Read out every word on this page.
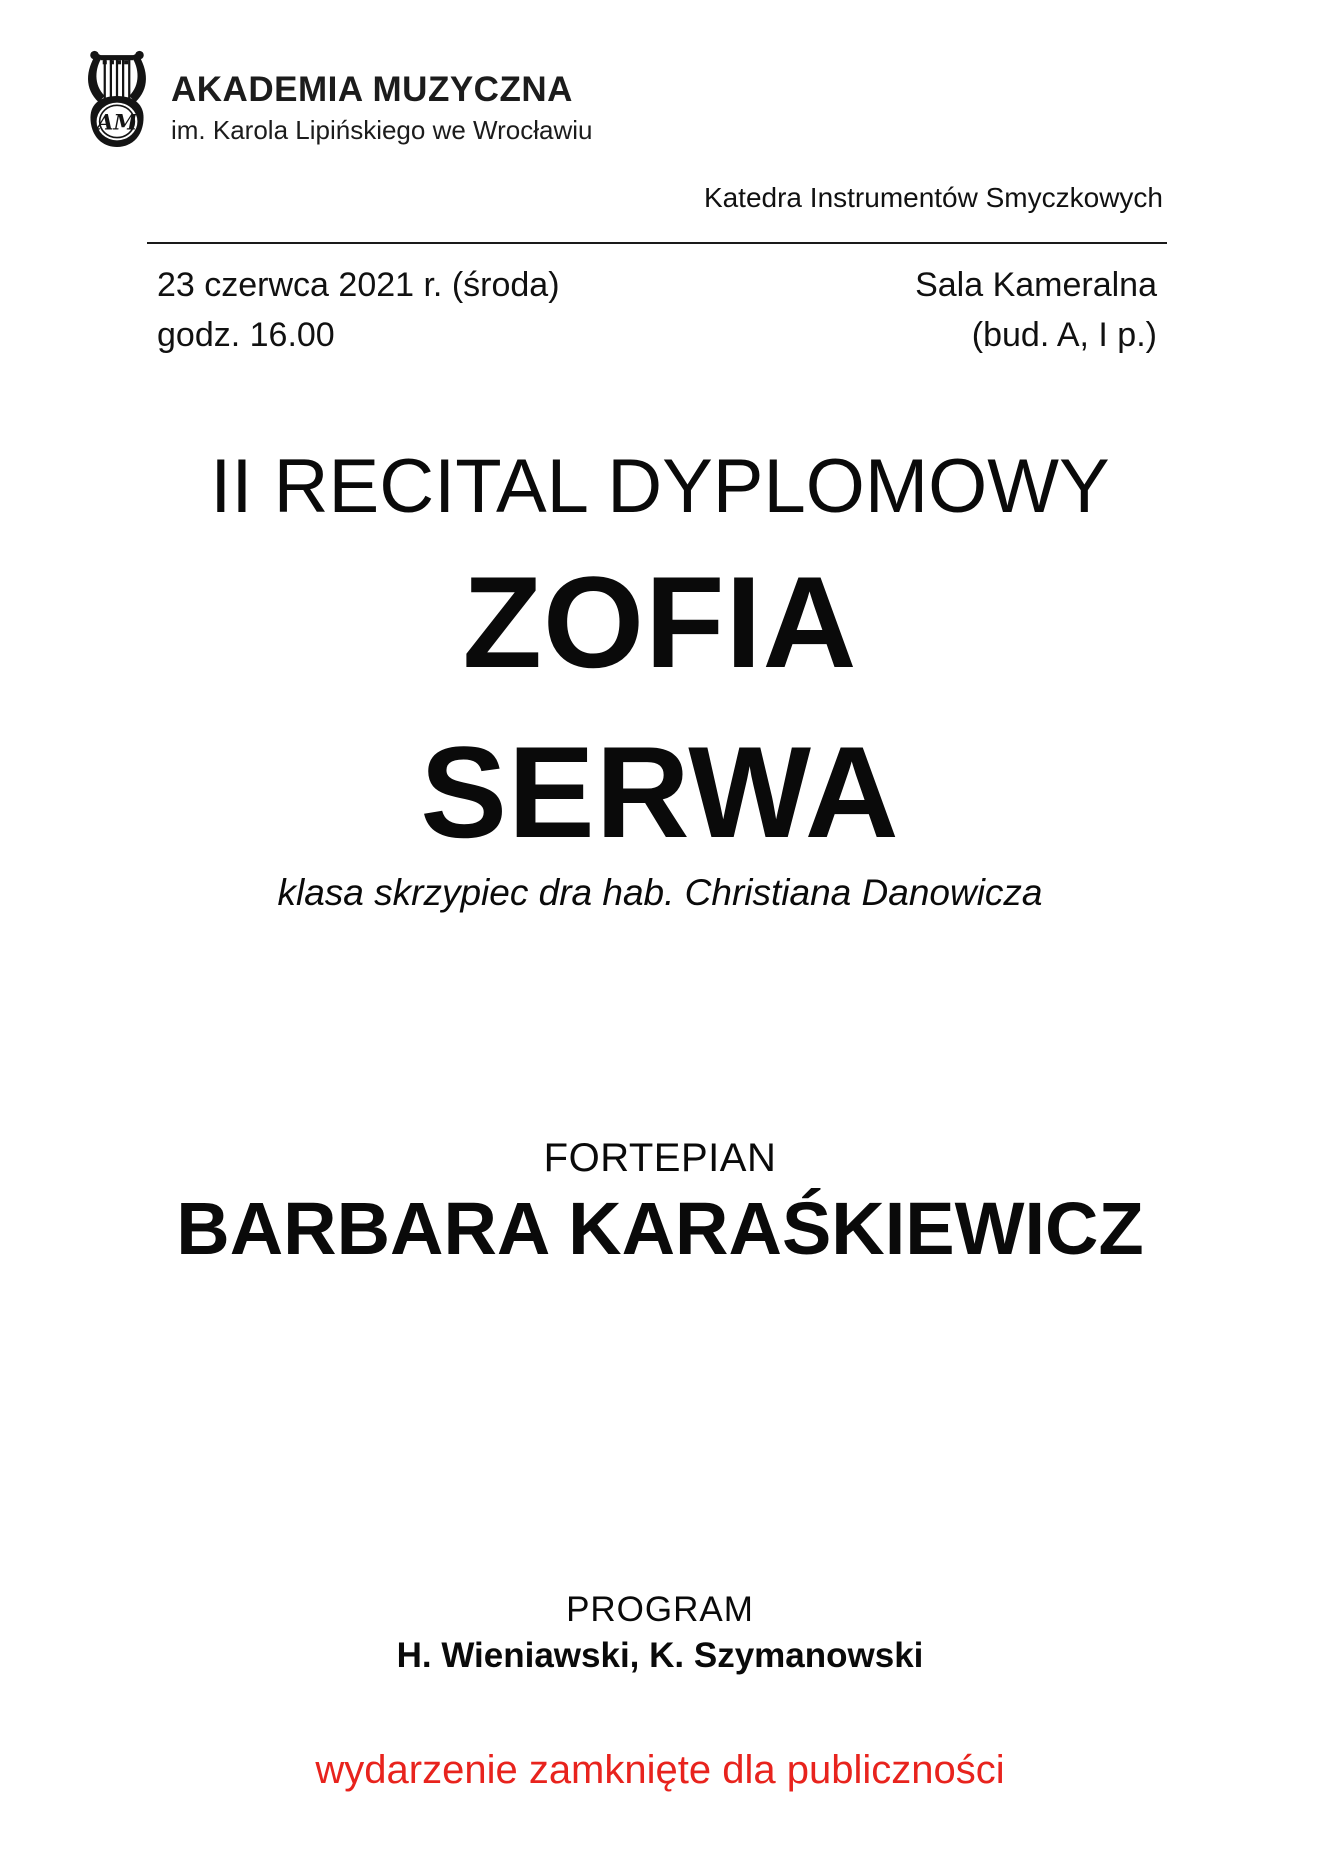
AM
AKADEMIA MUZYCZNA
im. Karola Lipińskiego we Wrocławiu
Katedra Instrumentów Smyczkowych
23 czerwca 2021 r. (środa)
godz. 16.00
Sala Kameralna
(bud. A, I p.)
II RECITAL DYPLOMOWY
ZOFIA
SERWA
klasa skrzypiec dra hab. Christiana Danowicza
FORTEPIAN
BARBARA KARAŚKIEWICZ
PROGRAM
H. Wieniawski, K. Szymanowski
wydarzenie zamknięte dla publiczności
